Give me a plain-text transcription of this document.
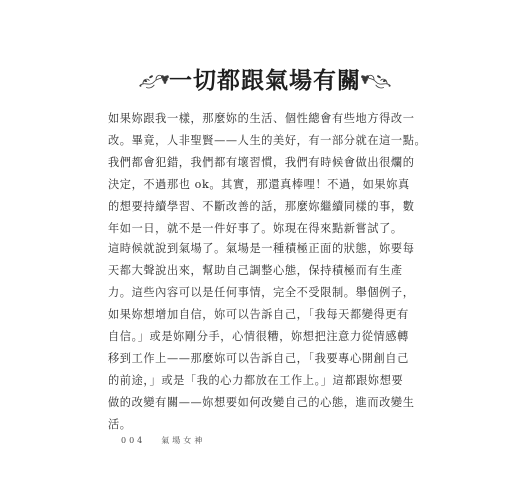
一切都跟氣場有關
如果妳跟我一樣，那麼妳的生活、個性總會有些地方得改一
改。畢竟，人非聖賢——人生的美好，有一部分就在這一點。
我們都會犯錯，我們都有壞習慣，我們有時候會做出很爛的
決定，不過那也 ok。其實，那還真棒哩！不過，如果妳真
的想要持續學習、不斷改善的話，那麼妳繼續同樣的事，數
年如一日，就不是一件好事了。妳現在得來點新嘗試了。
這時候就說到氣場了。氣場是一種積極正面的狀態，妳要每
天都大聲說出來，幫助自己調整心態，保持積極而有生產
力。這些內容可以是任何事情，完全不受限制。舉個例子，
如果妳想增加自信，妳可以告訴自己，「我每天都變得更有
自信。」或是妳剛分手，心情很糟，妳想把注意力從情感轉
移到工作上——那麼妳可以告訴自己，「我要專心開創自己
的前途，」或是「我的心力都放在工作上。」這都跟妳想要
做的改變有關——妳想要如何改變自己的心態，進而改變生
活。
004 氣場女神
